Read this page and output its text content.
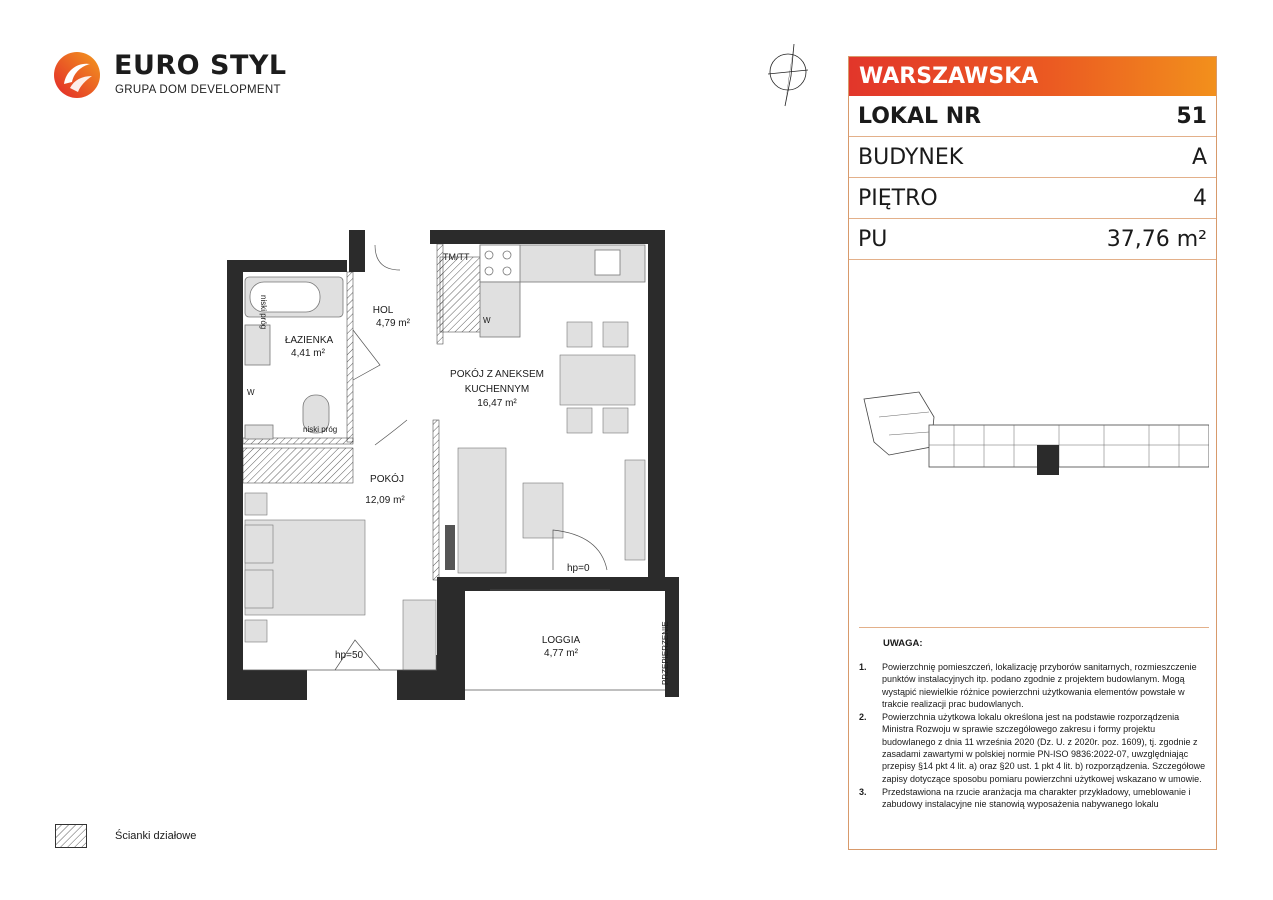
EURO STYL
GRUPA DOM DEVELOPMENT
HOL
4,79 m²
ŁAZIENKA
4,41 m²
POKÓJ Z ANEKSEM
KUCHENNYM
16,47 m²
POKÓJ
12,09 m²
LOGGIA
4,77 m²
TM/TT
niski próg
niski próg
W
W
hp=0
hp=50	PRZEPIERZENIE
WARSZAWSKA
LOKAL NR	51
BUDYNEK	A
PIĘTRO	4
PU	37,76 m²
UWAGA:
1. Powierzchnię pomieszczeń, lokalizację przyborów sanitarnych, rozmieszczenie punktów instalacyjnych itp. podano zgodnie z projektem budowlanym. Mogą wystąpić niewielkie różnice powierzchni użytkowania elementów powstałe w trakcie realizacji prac budowlanych.
2. Powierzchnia użytkowa lokalu określona jest na podstawie rozporządzenia Ministra Rozwoju w sprawie szczegółowego zakresu i formy projektu budowlanego z dnia 11 września 2020 (Dz. U. z 2020r. poz. 1609), tj. zgodnie z zasadami zawartymi w polskiej normie PN-ISO 9836:2022-07, uwzględniając przepisy §14 pkt 4 lit. a) oraz §20 ust. 1 pkt 4 lit. b) rozporządzenia. Szczegółowe zapisy dotyczące sposobu pomiaru powierzchni użytkowej wskazano w umowie.
3. Przedstawiona na rzucie aranżacja ma charakter przykładowy, umeblowanie i zabudowy instalacyjne nie stanowią wyposażenia nabywanego lokalu
Ścianki działowe
